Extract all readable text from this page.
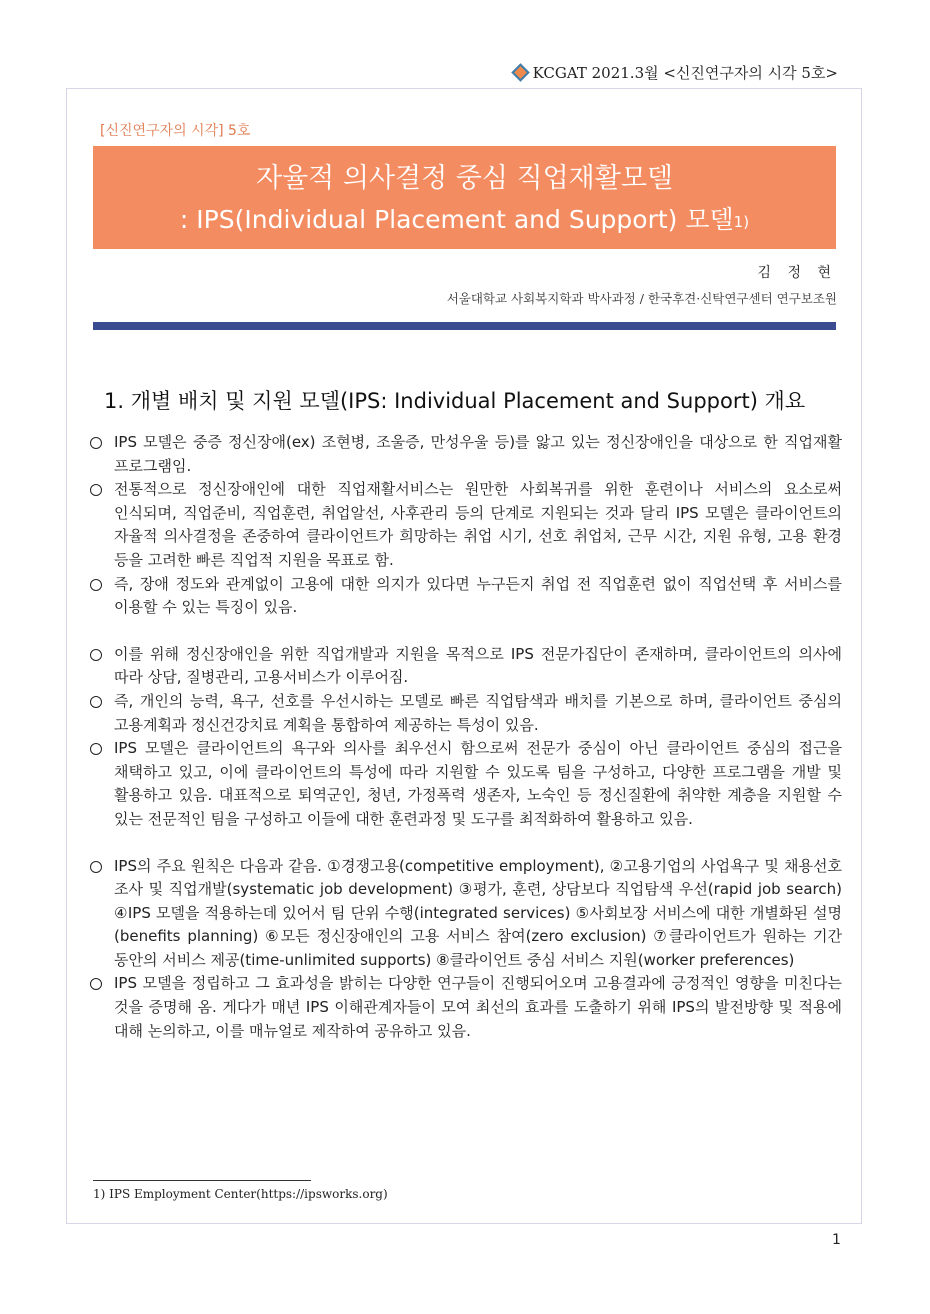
KCGAT 2021.3월 <신진연구자의 시각 5호>
[신진연구자의 시각] 5호
자율적 의사결정 중심 직업재활모델
: IPS(Individual Placement and Support) 모델$^{1)}$
김 정 현
서울대학교 사회복지학과 박사과정 / 한국후견·신탁연구센터 연구보조원
1. 개별 배치 및 지원 모델(IPS: Individual Placement and Support) 개요
IPS 모델은 중증 정신장애(ex) 조현병, 조울증, 만성우울 등)를 앓고 있는 정신장애인을 대상으로 한 직업재활 프로그램임.
전통적으로 정신장애인에 대한 직업재활서비스는 원만한 사회복귀를 위한 훈련이나 서비스의 요소로써 인식되며, 직업준비, 직업훈련, 취업알선, 사후관리 등의 단계로 지원되는 것과 달리 IPS 모델은 클라이언트의 자율적 의사결정을 존중하여 클라이언트가 희망하는 취업 시기, 선호 취업처, 근무 시간, 지원 유형, 고용 환경 등을 고려한 빠른 직업적 지원을 목표로 함.
즉, 장애 정도와 관계없이 고용에 대한 의지가 있다면 누구든지 취업 전 직업훈련 없이 직업선택 후 서비스를 이용할 수 있는 특징이 있음.
이를 위해 정신장애인을 위한 직업개발과 지원을 목적으로 IPS 전문가집단이 존재하며, 클라이언트의 의사에 따라 상담, 질병관리, 고용서비스가 이루어짐.
즉, 개인의 능력, 욕구, 선호를 우선시하는 모델로 빠른 직업탐색과 배치를 기본으로 하며, 클라이언트 중심의 고용계획과 정신건강치료 계획을 통합하여 제공하는 특성이 있음.
IPS 모델은 클라이언트의 욕구와 의사를 최우선시 함으로써 전문가 중심이 아닌 클라이언트 중심의 접근을 채택하고 있고, 이에 클라이언트의 특성에 따라 지원할 수 있도록 팀을 구성하고, 다양한 프로그램을 개발 및 활용하고 있음. 대표적으로 퇴역군인, 청년, 가정폭력 생존자, 노숙인 등 정신질환에 취약한 계층을 지원할 수 있는 전문적인 팀을 구성하고 이들에 대한 훈련과정 및 도구를 최적화하여 활용하고 있음.
IPS의 주요 원칙은 다음과 같음. ①경쟁고용(competitive employment), ②고용기업의 사업욕구 및 채용선호 조사 및 직업개발(systematic job development) ③평가, 훈련, 상담보다 직업탐색 우선(rapid job search) ④IPS 모델을 적용하는데 있어서 팀 단위 수행(integrated services) ⑤사회보장 서비스에 대한 개별화된 설명(benefits planning) ⑥모든 정신장애인의 고용 서비스 참여(zero exclusion) ⑦클라이언트가 원하는 기간 동안의 서비스 제공(time-unlimited supports) ⑧클라이언트 중심 서비스 지원(worker preferences)
IPS 모델을 정립하고 그 효과성을 밝히는 다양한 연구들이 진행되어오며 고용결과에 긍정적인 영향을 미친다는 것을 증명해 옴. 게다가 매년 IPS 이해관계자들이 모여 최선의 효과를 도출하기 위해 IPS의 발전방향 및 적용에 대해 논의하고, 이를 매뉴얼로 제작하여 공유하고 있음.
1) IPS Employment Center(https://ipsworks.org)
1
